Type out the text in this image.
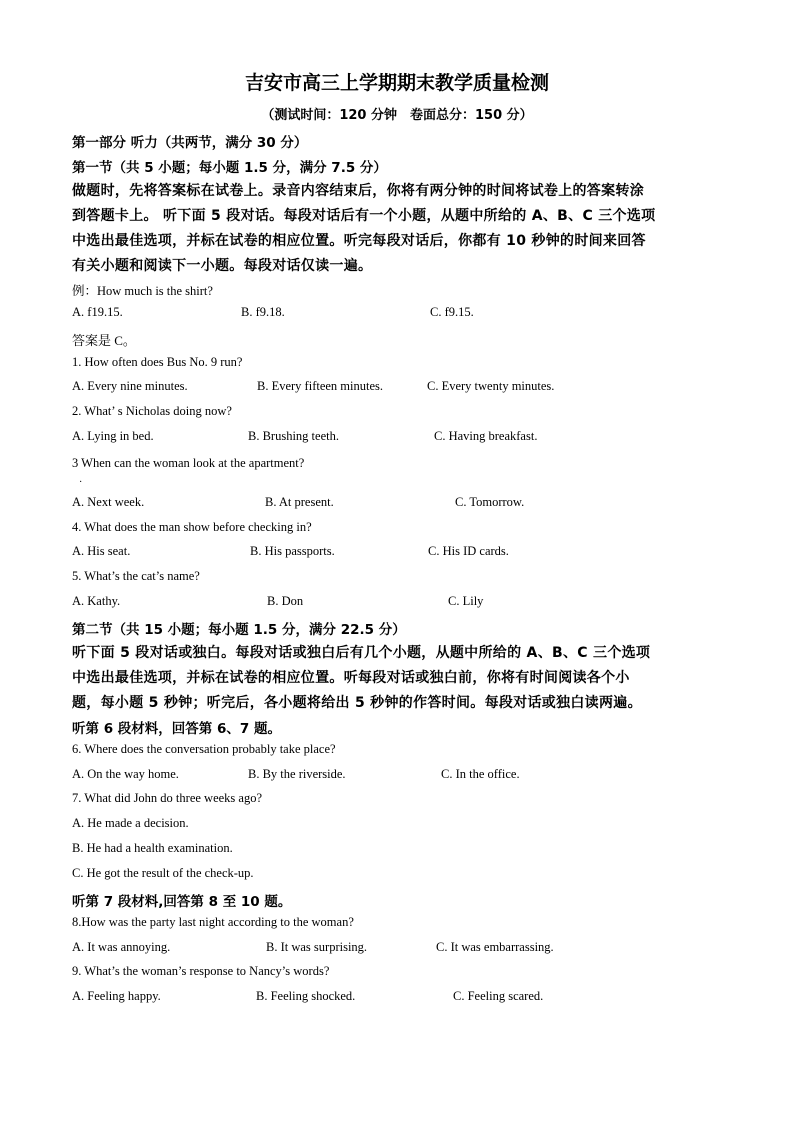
吉安市高三上学期期末教学质量检测
（测试时间：120 分钟　卷面总分：150 分）
第一部分 听力（共两节，满分 30 分）
第一节（共 5 小题；每小题 1.5 分，满分 7.5 分）
做题时，先将答案标在试卷上。录音内容结束后，你将有两分钟的时间将试卷上的答案转涂
到答题卡上。 听下面 5 段对话。每段对话后有一个小题，从题中所给的 A、B、C 三个选项
中选出最佳选项，并标在试卷的相应位置。听完每段对话后，你都有 10 秒钟的时间来回答
有关小题和阅读下一小题。每段对话仅读一遍。
例：How much is the shirt?
A. f19.15.	B. f9.18.	C. f9.15.
答案是 C。
1. How often does Bus No. 9 run?
A. Every nine minutes.	B. Every fifteen minutes.	C. Every twenty minutes.
2. What’ s Nicholas doing now?
A. Lying in bed.	B. Brushing teeth.	C. Having breakfast.
3 When can the woman look at the apartment?
·
A. Next week.	B. At present.	C. Tomorrow.
4. What does the man show before checking in?
A. His seat.	B. His passports.	C. His ID cards.
5. What’s the cat’s name?
A. Kathy.	B. Don	C. Lily
第二节（共 15 小题；每小题 1.5 分，满分 22.5 分）
听下面 5 段对话或独白。每段对话或独白后有几个小题，从题中所给的 A、B、C 三个选项
中选出最佳选项，并标在试卷的相应位置。听每段对话或独白前，你将有时间阅读各个小
题，每小题 5 秒钟；听完后，各小题将给出 5 秒钟的作答时间。每段对话或独白读两遍。
听第 6 段材料，回答第 6、7 题。
6. Where does the conversation probably take place?
A. On the way home.	B. By the riverside.	C. In the office.
7. What did John do three weeks ago?
A. He made a decision.
B. He had a health examination.
C. He got the result of the check-up.
听第 7 段材料,回答第 8 至 10 题。
8.How was the party last night according to the woman?
A. It was annoying.	B. It was surprising.	C. It was embarrassing.
9. What’s the woman’s response to Nancy’s words?
A. Feeling happy.	B. Feeling shocked.	C. Feeling scared.
